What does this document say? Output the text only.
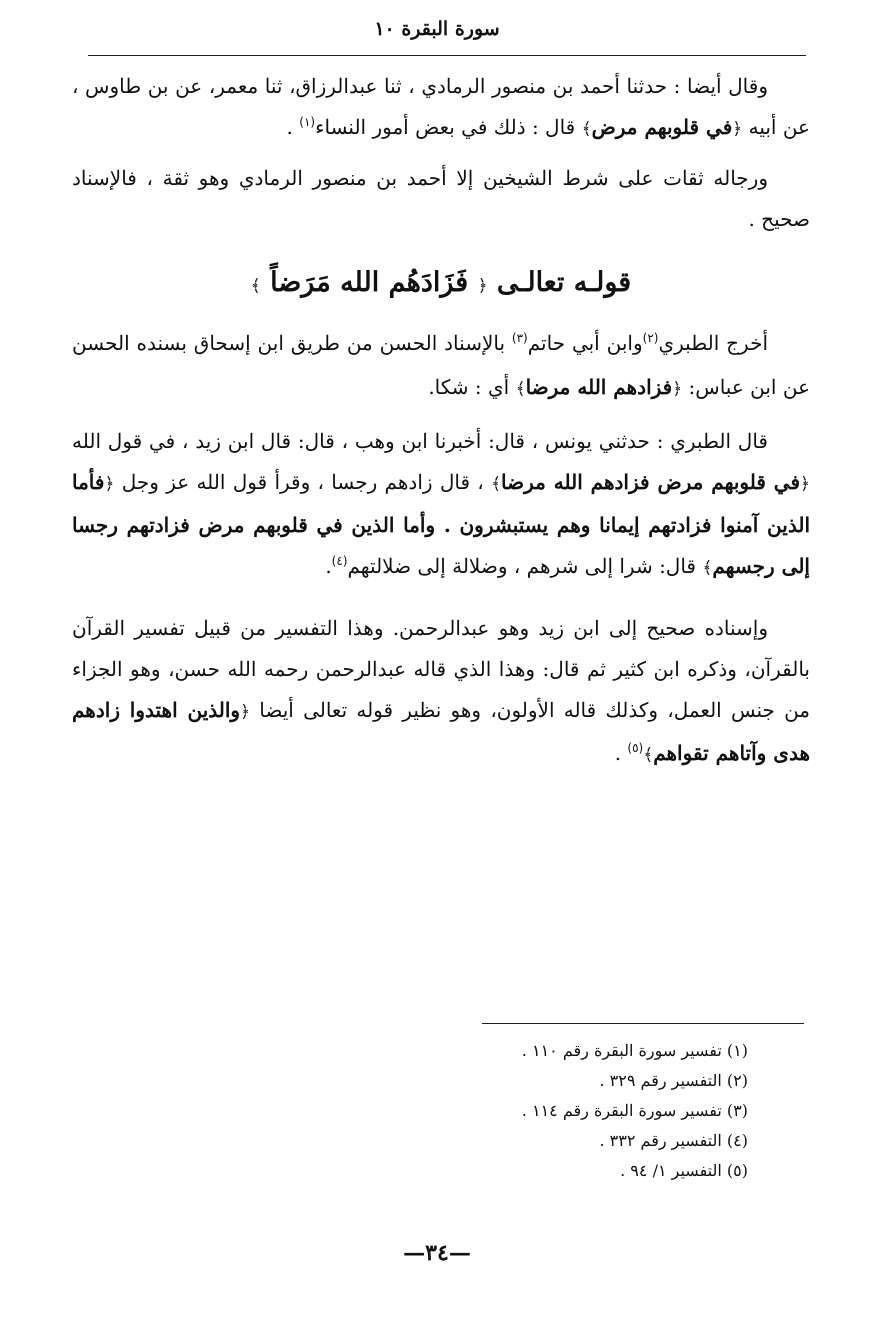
سورة البقرة ١٠

وقال أيضا : حدثنا أحمد بن منصور الرمادي ، ثنا عبدالرزاق، ثنا معمر، عن بن طاوس ، عن أبيه ﴿في قلوبهم مرض﴾ قال : ذلك في بعض أمور النساء$^{(١)}$ .

ورجاله ثقات على شرط الشيخين إلا أحمد بن منصور الرمادي وهو ثقة ، فالإسناد صحيح .

قولـه تعالـى ﴿ فَزَادَهُم الله مَرَضاً ﴾

أخرج الطبري$^{(٢)}$وابن أبي حاتم$^{(٣)}$ بالإسناد الحسن من طريق ابن إسحاق بسنده الحسن عن ابن عباس: ﴿فزادهم الله مرضا﴾ أي : شكا.

قال الطبري : حدثني يونس ، قال: أخبرنا ابن وهب ، قال: قال ابن زيد ، في قول الله ﴿في قلوبهم مرض فزادهم الله مرضا﴾ ، قال زادهم رجسا ، وقرأ قول الله عز وجل ﴿فأما الذين آمنوا فزادتهم إيمانا وهم يستبشرون . وأما الذين في قلوبهم مرض فزادتهم رجسا إلى رجسهم﴾ قال: شرا إلى شرهم ، وضلالة إلى ضلالتهم$^{(٤)}$.

وإسناده صحيح إلى ابن زيد وهو عبدالرحمن. وهذا التفسير من قبيل تفسير القرآن بالقرآن، وذكره ابن كثير ثم قال: وهذا الذي قاله عبدالرحمن رحمه الله حسن، وهو الجزاء من جنس العمل، وكذلك قاله الأولون، وهو نظير قوله تعالى أيضا ﴿والذين اهتدوا زادهم هدى وآتاهم تقواهم﴾$^{(٥)}$ .

(١) تفسير سورة البقرة رقم ١١٠ .
(٢) التفسير رقم ٣٢٩ .
(٣) تفسير سورة البقرة رقم ١١٤ .
(٤) التفسير رقم ٣٣٢ .
(٥) التفسير ١/ ٩٤ .
—٣٤—
